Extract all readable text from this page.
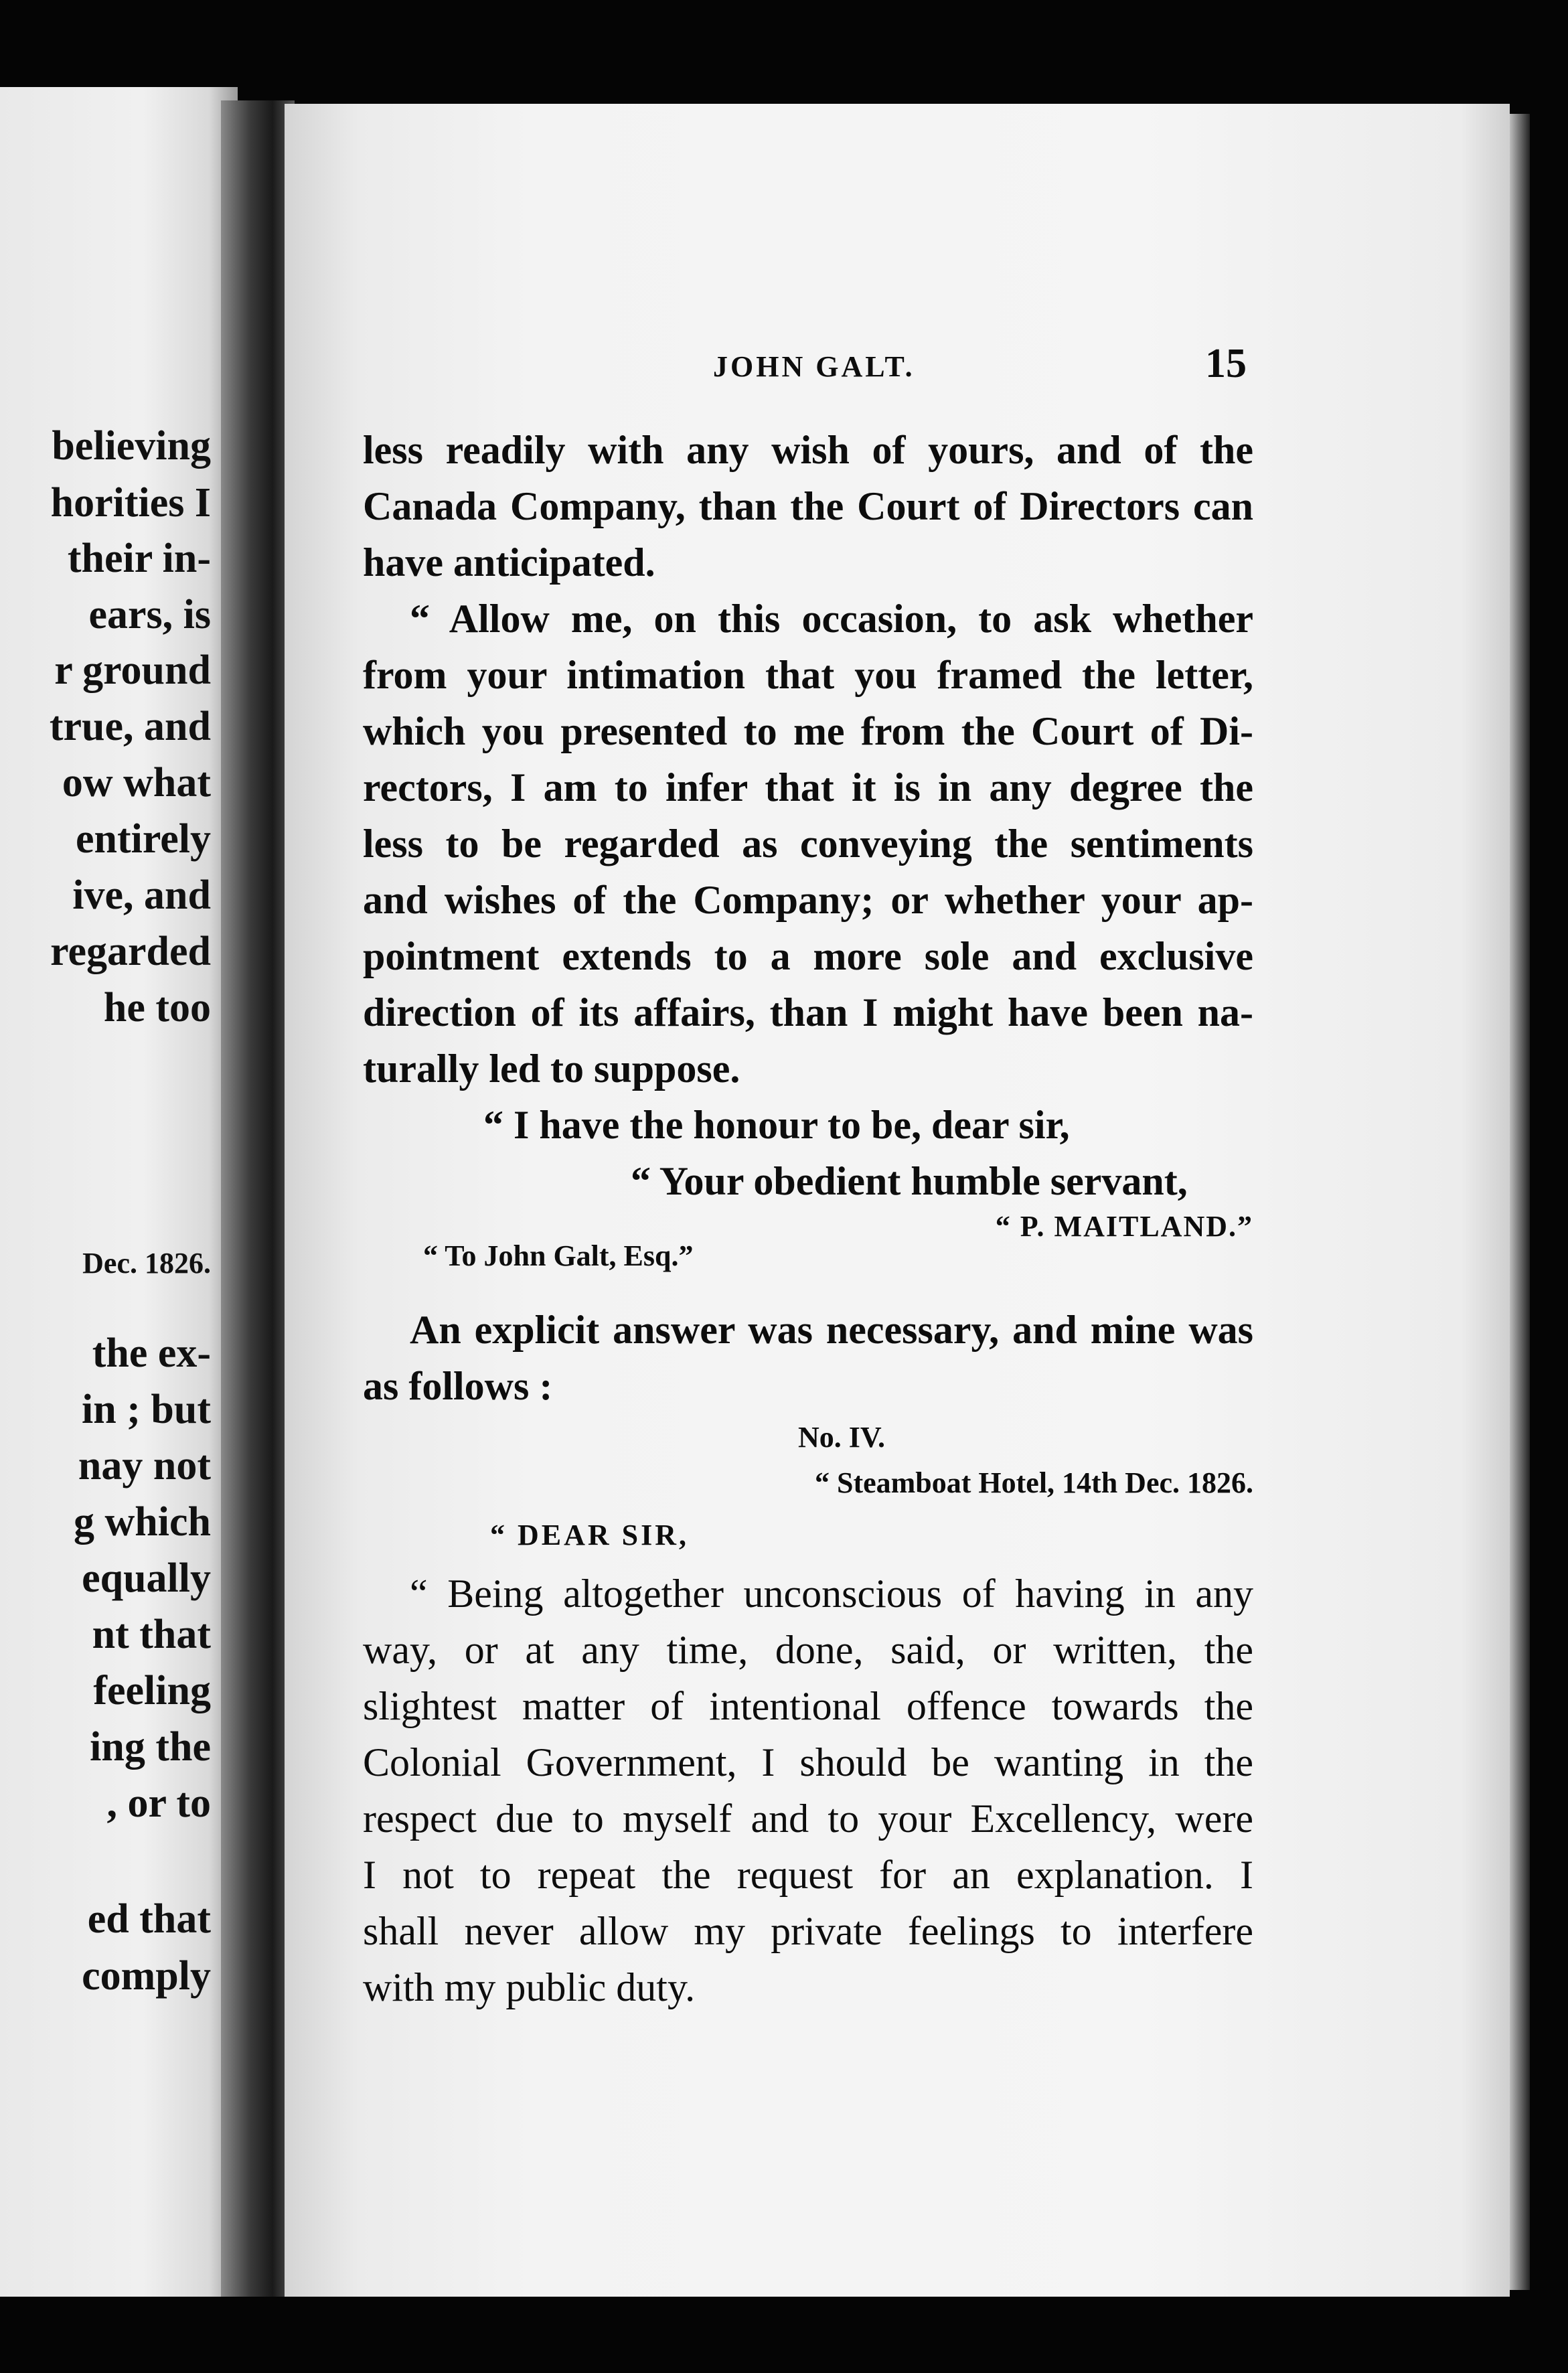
believing
horities I
their in-
ears, is
r ground
true, and
ow what
entirely
ive, and
regarded
he too
Dec. 1826.
the ex-
in ; but
nay not
g which
equally
nt that
feeling
ing the
, or to
ed that
comply
JOHN GALT.	15
less readily with any wish of yours, and of the
Canada Company, than the Court of Directors can
have anticipated.
“ Allow me, on this occasion, to ask whether
from your intimation that you framed the letter,
which you presented to me from the Court of Di-
rectors, I am to infer that it is in any degree the
less to be regarded as conveying the sentiments
and wishes of the Company; or whether your ap-
pointment extends to a more sole and exclusive
direction of its affairs, than I might have been na-
turally led to suppose.
“ I have the honour to be, dear sir,
“ Your obedient humble servant,
“ P. MAITLAND.”
“ To John Galt, Esq.”
An explicit answer was necessary, and mine was
as follows :
No. IV.
“ Steamboat Hotel, 14th Dec. 1826.
“ DEAR SIR,
“ Being altogether unconscious of having in any
way, or at any time, done, said, or written, the
slightest matter of intentional offence towards the
Colonial Government, I should be wanting in the
respect due to myself and to your Excellency, were
I not to repeat the request for an explanation. I
shall never allow my private feelings to interfere
with my public duty.
